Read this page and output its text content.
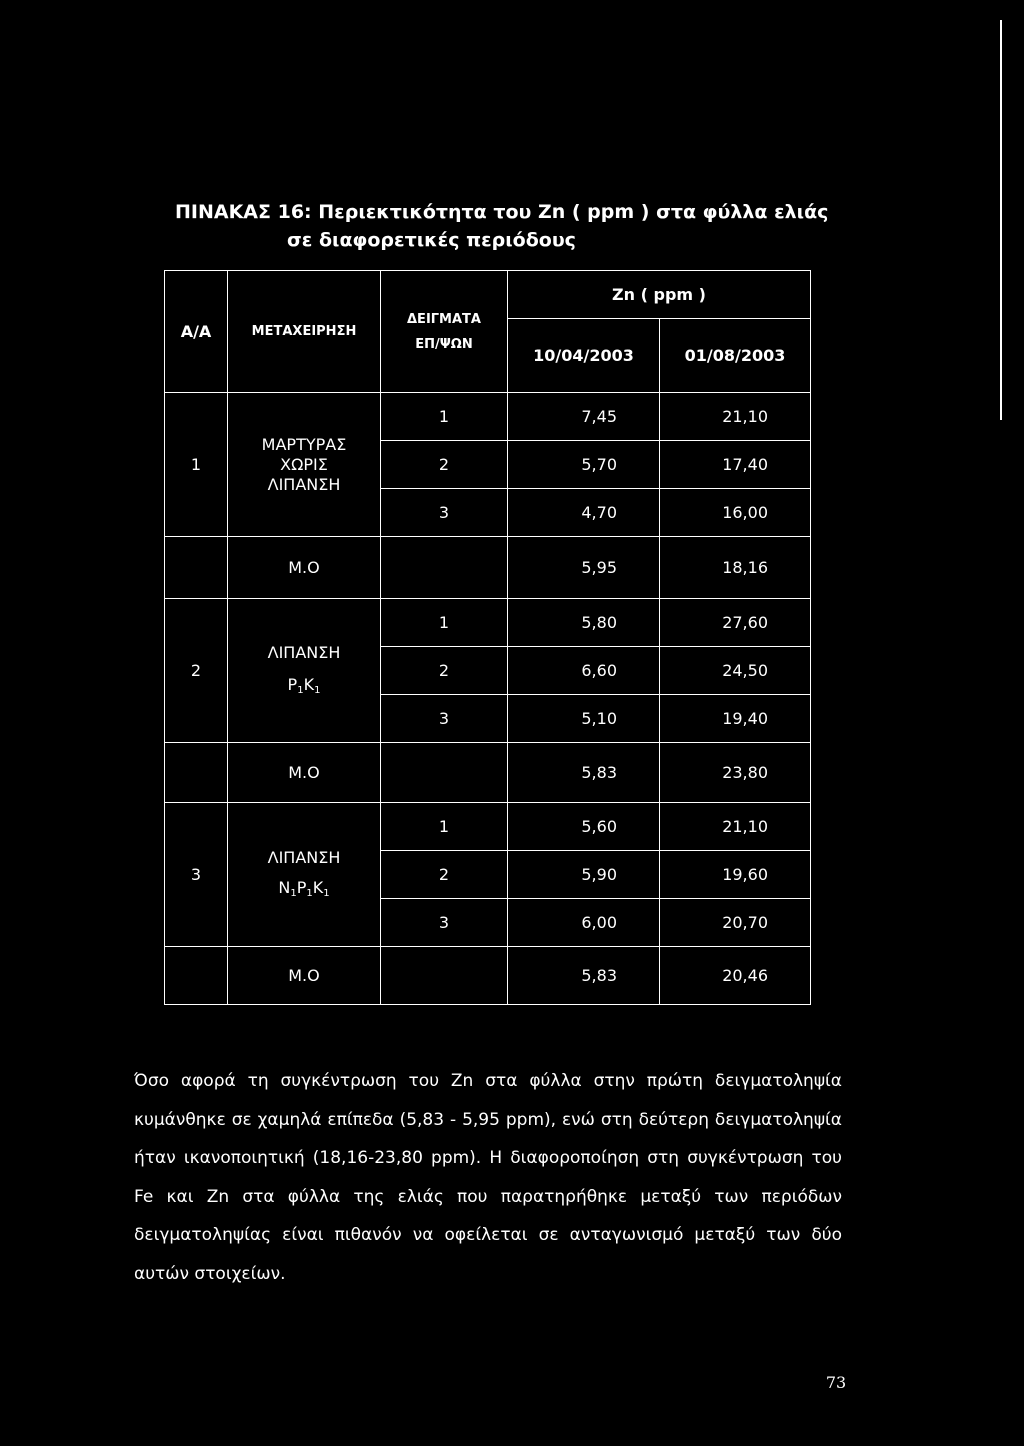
ΠΙΝΑΚΑΣ 16: Περιεκτικότητα του Zn ( ppm ) στα φύλλα ελιάς
σε διαφορετικές περιόδους
Α/Α	ΜΕΤΑΧΕΙΡΗΣΗ	ΔΕΙΓΜΑΤΑ
ΕΠ/ΨΩΝ	Zn ( ppm )	
			10/04/2003	01/08/2003
1	ΜΑΡΤΥΡΑΣ
ΧΩΡΙΣ
ΛΙΠΑΝΣΗ	1	7,45	21,10
		2	5,70	17,40
		3	4,70	16,00
	Μ.Ο		5,95	18,16
2	ΛΙΠΑΝΣΗ
P1K1	1	5,80	27,60
		2	6,60	24,50
		3	5,10	19,40
	Μ.Ο		5,83	23,80
3	ΛΙΠΑΝΣΗ
N1P1K1	1	5,60	21,10
		2	5,90	19,60
		3	6,00	20,70
	Μ.Ο		5,83	20,46

Όσο αφορά τη συγκέντρωση του Zn στα φύλλα στην πρώτη δειγματοληψία κυμάνθηκε σε χαμηλά επίπεδα (5,83 - 5,95 ppm), ενώ στη δεύτερη δειγματοληψία ήταν ικανοποιητική (18,16-23,80 ppm). Η διαφοροποίηση στη συγκέντρωση του Fe και Zn στα φύλλα της ελιάς που παρατηρήθηκε μεταξύ των περιόδων δειγματοληψίας είναι πιθανόν να οφείλεται σε ανταγωνισμό μεταξύ των δύο αυτών στοιχείων.

73
